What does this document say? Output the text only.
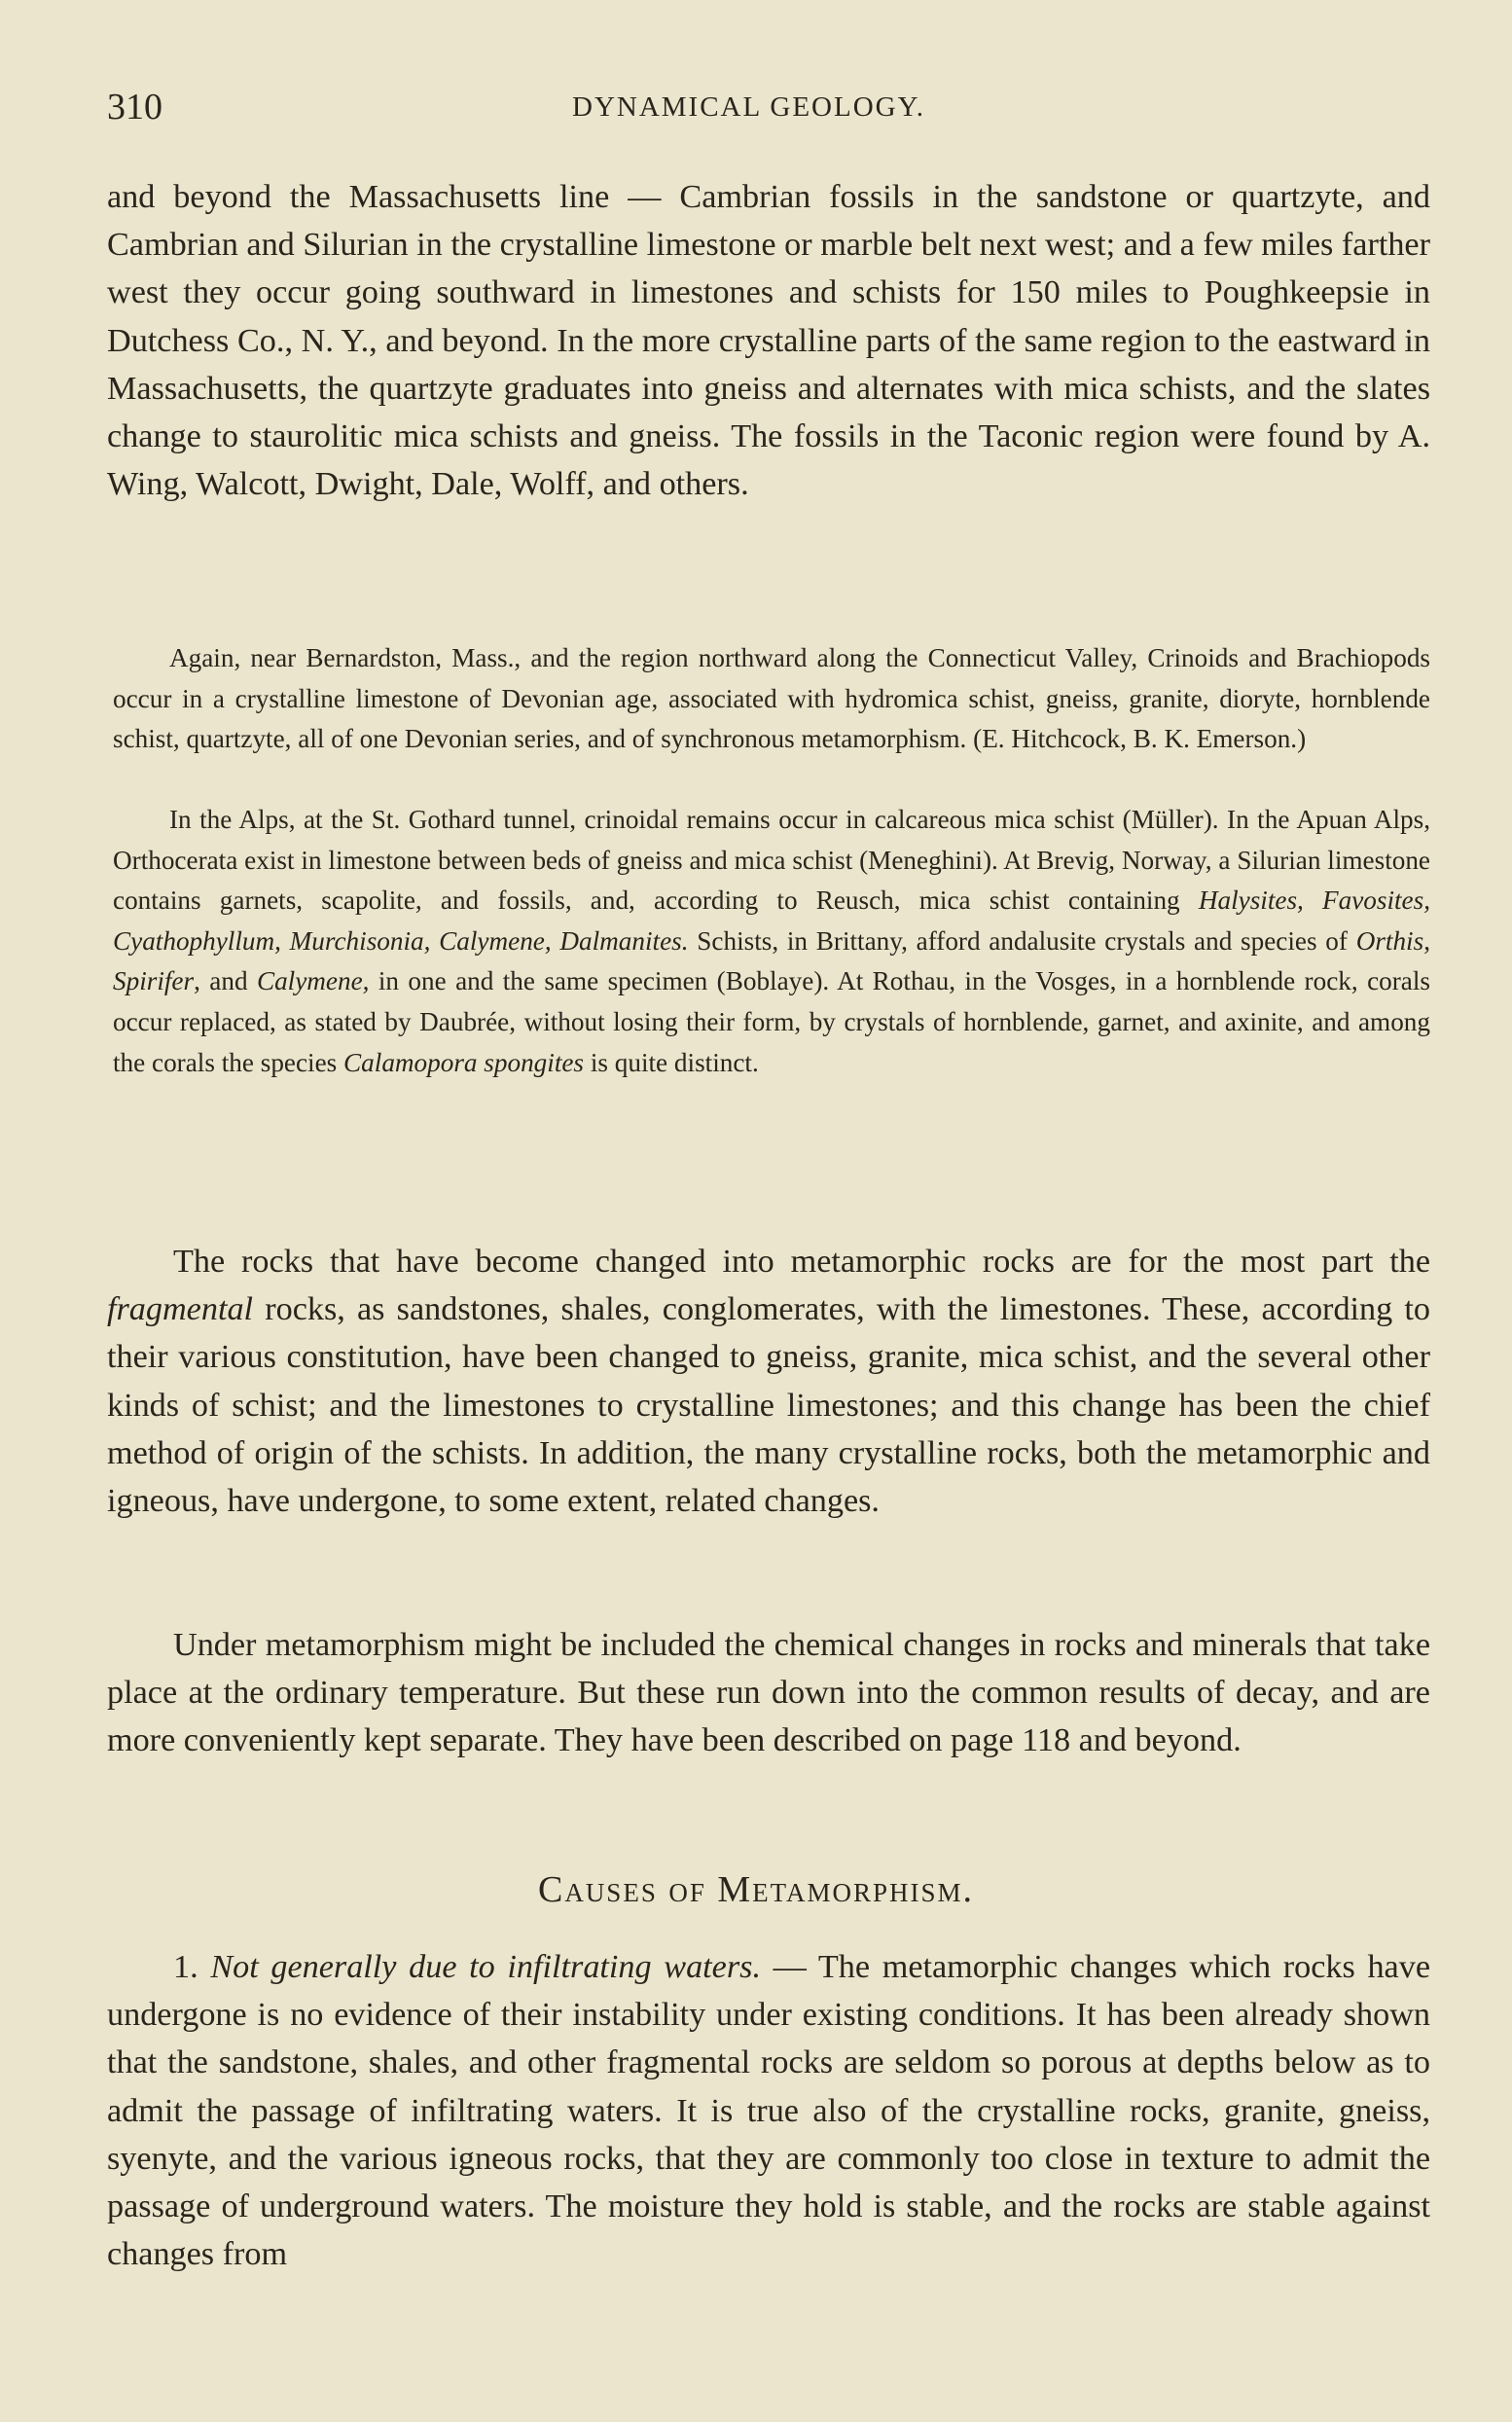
310	DYNAMICAL GEOLOGY.

and beyond the Massachusetts line — Cambrian fossils in the sandstone or quartzyte, and Cambrian and Silurian in the crystalline limestone or marble belt next west; and a few miles farther west they occur going southward in limestones and schists for 150 miles to Poughkeepsie in Dutchess Co., N. Y., and beyond. In the more crystalline parts of the same region to the eastward in Massachusetts, the quartzyte graduates into gneiss and alternates with mica schists, and the slates change to staurolitic mica schists and gneiss. The fossils in the Taconic region were found by A. Wing, Walcott, Dwight, Dale, Wolff, and others.

Again, near Bernardston, Mass., and the region northward along the Connecticut Valley, Crinoids and Brachiopods occur in a crystalline limestone of Devonian age, associated with hydromica schist, gneiss, granite, dioryte, hornblende schist, quartzyte, all of one Devonian series, and of synchronous metamorphism. (E. Hitchcock, B. K. Emerson.)

In the Alps, at the St. Gothard tunnel, crinoidal remains occur in calcareous mica schist (Müller). In the Apuan Alps, Orthocerata exist in limestone between beds of gneiss and mica schist (Meneghini). At Brevig, Norway, a Silurian limestone contains garnets, scapolite, and fossils, and, according to Reusch, mica schist containing Halysites, Favosites, Cyathophyllum, Murchisonia, Calymene, Dalmanites. Schists, in Brittany, afford andalusite crystals and species of Orthis, Spirifer, and Calymene, in one and the same specimen (Boblaye). At Rothau, in the Vosges, in a hornblende rock, corals occur replaced, as stated by Daubrée, without losing their form, by crystals of hornblende, garnet, and axinite, and among the corals the species Calamopora spongites is quite distinct.

The rocks that have become changed into metamorphic rocks are for the most part the fragmental rocks, as sandstones, shales, conglomerates, with the limestones. These, according to their various constitution, have been changed to gneiss, granite, mica schist, and the several other kinds of schist; and the limestones to crystalline limestones; and this change has been the chief method of origin of the schists. In addition, the many crystalline rocks, both the metamorphic and igneous, have undergone, to some extent, related changes.

Under metamorphism might be included the chemical changes in rocks and minerals that take place at the ordinary temperature. But these run down into the common results of decay, and are more conveniently kept separate. They have been described on page 118 and beyond.

Causes of Metamorphism.

1. Not generally due to infiltrating waters. — The metamorphic changes which rocks have undergone is no evidence of their instability under existing conditions. It has been already shown that the sandstone, shales, and other fragmental rocks are seldom so porous at depths below as to admit the passage of infiltrating waters. It is true also of the crystalline rocks, granite, gneiss, syenyte, and the various igneous rocks, that they are commonly too close in texture to admit the passage of underground waters. The moisture they hold is stable, and the rocks are stable against changes from
